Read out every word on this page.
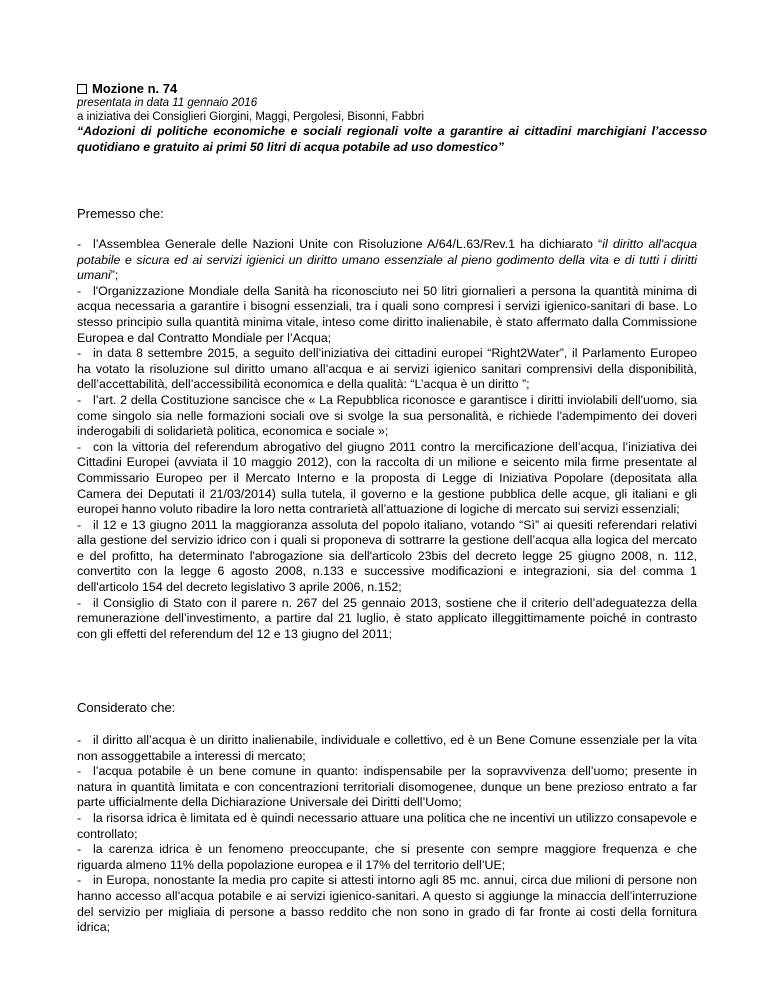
Mozione n. 74
presentata in data 11 gennaio 2016
a iniziativa dei Consiglieri Giorgini, Maggi, Pergolesi, Bisonni, Fabbri
“Adozioni di politiche economiche e sociali regionali volte a garantire ai cittadini marchigiani l’accesso quotidiano e gratuito ai primi 50 litri di acqua potabile ad uso domestico”
Premesso che:

- l’Assemblea Generale delle Nazioni Unite con Risoluzione A/64/L.63/Rev.1 ha dichiarato “il diritto all'acqua potabile e sicura ed ai servizi igienici un diritto umano essenziale al pieno godimento della vita e di tutti i diritti umani”;

- l'Organizzazione Mondiale della Sanità ha riconosciuto nei 50 litri giornalieri a persona la quantità minima di acqua necessaria a garantire i bisogni essenziali, tra i quali sono compresi i servizi igienico-sanitari di base. Lo stesso principio sulla quantità minima vitale, inteso come diritto inalienabile, è stato affermato dalla Commissione Europea e dal Contratto Mondiale per l’Acqua;

- in data 8 settembre 2015, a seguito dell’iniziativa dei cittadini europei “Right2Water”, il Parlamento Europeo ha votato la risoluzione sul diritto umano all’acqua e ai servizi igienico sanitari comprensivi della disponibilità, dell’accettabilità, dell’accessibilità economica e della qualità: “L’acqua è un diritto ”;

- l’art. 2 della Costituzione sancisce che « La Repubblica riconosce e garantisce i diritti inviolabili dell'uomo, sia come singolo sia nelle formazioni sociali ove si svolge la sua personalità, e richiede l'adempimento dei doveri inderogabili di solidarietà politica, economica e sociale »;

- con la vittoria del referendum abrogativo del giugno 2011 contro la mercificazione dell’acqua, l’iniziativa dei Cittadini Europei (avviata il 10 maggio 2012), con la raccolta di un milione e seicento mila firme presentate al Commissario Europeo per il Mercato Interno e la proposta di Legge di Iniziativa Popolare (depositata alla Camera dei Deputati il 21/03/2014) sulla tutela, il governo e la gestione pubblica delle acque, gli italiani e gli europei hanno voluto ribadire la loro netta contrarietà all’attuazione di logiche di mercato sui servizi essenziali;

- il 12 e 13 giugno 2011 la maggioranza assoluta del popolo italiano, votando “Sì” ai quesiti referendari relativi alla gestione del servizio idrico con i quali si proponeva di sottrarre la gestione dell’acqua alla logica del mercato e del profitto, ha determinato l'abrogazione sia dell'articolo 23bis del decreto legge 25 giugno 2008, n. 112, convertito con la legge 6 agosto 2008, n.133 e successive modificazioni e integrazioni, sia del comma 1 dell'articolo 154 del decreto legislativo 3 aprile 2006, n.152;

- il Consiglio di Stato con il parere n. 267 del 25 gennaio 2013, sostiene che il criterio dell’adeguatezza della remunerazione dell’investimento, a partire dal 21 luglio, è stato applicato illeggittimamente poiché in contrasto con gli effetti del referendum del 12 e 13 giugno del 2011;

Considerato che:

- il diritto all’acqua è un diritto inalienabile, individuale e collettivo, ed è un Bene Comune essenziale per la vita non assoggettabile a interessi di mercato;

- l’acqua potabile è un bene comune in quanto: indispensabile per la sopravvivenza dell’uomo; presente in natura in quantità limitata e con concentrazioni territoriali disomogenee, dunque un bene prezioso entrato a far parte ufficialmente della Dichiarazione Universale dei Diritti dell’Uomo;

- la risorsa idrica è limitata ed è quindi necessario attuare una politica che ne incentivi un utilizzo consapevole e controllato;

- la carenza idrica è un fenomeno preoccupante, che si presente con sempre maggiore frequenza e che riguarda almeno 11% della popolazione europea e il 17% del territorio dell’UE;

- in Europa, nonostante la media pro capite si attesti intorno agli 85 mc. annui, circa due milioni di persone non hanno accesso all’acqua potabile e ai servizi igienico-sanitari. A questo si aggiunge la minaccia dell’interruzione del servizio per migliaia di persone a basso reddito che non sono in grado di far fronte ai costi della fornitura idrica;
